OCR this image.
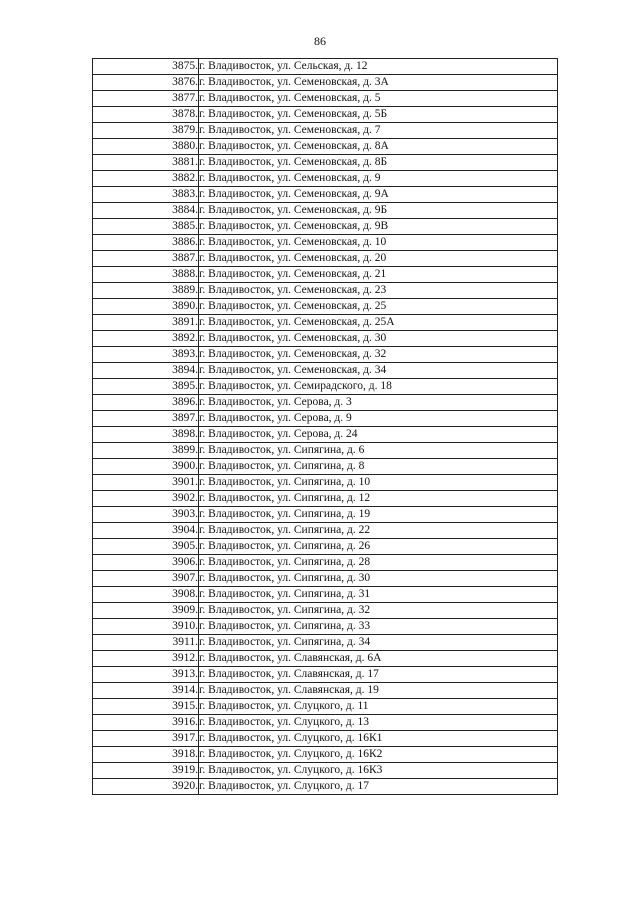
86
3875.	г. Владивосток, ул. Сельская, д. 12
3876.	г. Владивосток, ул. Семеновская, д. 3А
3877.	г. Владивосток, ул. Семеновская, д. 5
3878.	г. Владивосток, ул. Семеновская, д. 5Б
3879.	г. Владивосток, ул. Семеновская, д. 7
3880.	г. Владивосток, ул. Семеновская, д. 8А
3881.	г. Владивосток, ул. Семеновская, д. 8Б
3882.	г. Владивосток, ул. Семеновская, д. 9
3883.	г. Владивосток, ул. Семеновская, д. 9А
3884.	г. Владивосток, ул. Семеновская, д. 9Б
3885.	г. Владивосток, ул. Семеновская, д. 9В
3886.	г. Владивосток, ул. Семеновская, д. 10
3887.	г. Владивосток, ул. Семеновская, д. 20
3888.	г. Владивосток, ул. Семеновская, д. 21
3889.	г. Владивосток, ул. Семеновская, д. 23
3890.	г. Владивосток, ул. Семеновская, д. 25
3891.	г. Владивосток, ул. Семеновская, д. 25А
3892.	г. Владивосток, ул. Семеновская, д. 30
3893.	г. Владивосток, ул. Семеновская, д. 32
3894.	г. Владивосток, ул. Семеновская, д. 34
3895.	г. Владивосток, ул. Семирадского, д. 18
3896.	г. Владивосток, ул. Серова, д. 3
3897.	г. Владивосток, ул. Серова, д. 9
3898.	г. Владивосток, ул. Серова, д. 24
3899.	г. Владивосток, ул. Сипягина, д. 6
3900.	г. Владивосток, ул. Сипягина, д. 8
3901.	г. Владивосток, ул. Сипягина, д. 10
3902.	г. Владивосток, ул. Сипягина, д. 12
3903.	г. Владивосток, ул. Сипягина, д. 19
3904.	г. Владивосток, ул. Сипягина, д. 22
3905.	г. Владивосток, ул. Сипягина, д. 26
3906.	г. Владивосток, ул. Сипягина, д. 28
3907.	г. Владивосток, ул. Сипягина, д. 30
3908.	г. Владивосток, ул. Сипягина, д. 31
3909.	г. Владивосток, ул. Сипягина, д. 32
3910.	г. Владивосток, ул. Сипягина, д. 33
3911.	г. Владивосток, ул. Сипягина, д. 34
3912.	г. Владивосток, ул. Славянская, д. 6А
3913.	г. Владивосток, ул. Славянская, д. 17
3914.	г. Владивосток, ул. Славянская, д. 19
3915.	г. Владивосток, ул. Слуцкого, д. 11
3916.	г. Владивосток, ул. Слуцкого, д. 13
3917.	г. Владивосток, ул. Слуцкого, д. 16К1
3918.	г. Владивосток, ул. Слуцкого, д. 16К2
3919.	г. Владивосток, ул. Слуцкого, д. 16К3
3920.	г. Владивосток, ул. Слуцкого, д. 17
